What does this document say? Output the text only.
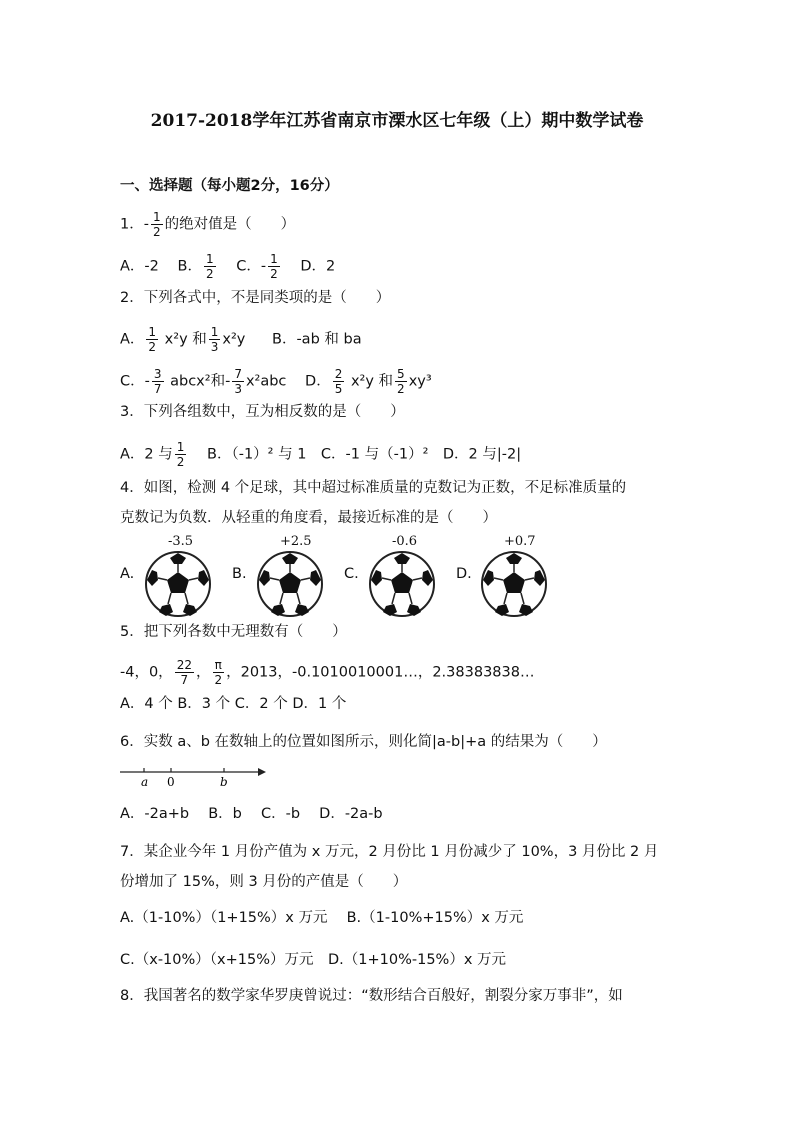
2017-2018学年江苏省南京市溧水区七年级（上）期中数学试卷
一、选择题（每小题2分，16分）
1．- $\frac{1}{2}$ 的绝对值是（　　）
A．-2 B． $\frac{1}{2}$ C．- $\frac{1}{2}$ D．2
2．下列各式中，不是同类项的是（　　）
A． $\frac{1}{2} x^2y$ 和 $\frac{1}{3} x^2y$ B．-ab 和 ba
C．- $\frac{3}{7}$ abcx²和- $\frac{7}{3} x^2abc$ D． $\frac{2}{5} x^2y$ 和 $\frac{5}{2} xy^3$
3．下列各组数中，互为相反数的是（　　）
A．2 与 $\frac{1}{2}$ B．（-1）² 与 1　C．-1 与（-1）²　D．2 与|-2|
4．如图，检测 4 个足球，其中超过标准质量的克数记为正数，不足标准质量的
克数记为负数．从轻重的角度看，最接近标准的是（　　）
A.
-3.5
B.
+2.5
C.
-0.6
D.
+0.7
5．把下列各数中无理数有（　　）
-4，0， $\frac{22}{7}$ ， $\frac{\pi}{2}$ ，2013，-0.1010010001…，2.38383838…
A．4 个 B．3 个 C．2 个 D．1 个
6．实数 a、b 在数轴上的位置如图所示，则化简|a-b|+a 的结果为（　　）
a 0	b
A．-2a+b　 B．b　 C．-b　 D．-2a-b
7．某企业今年 1 月份产值为 x 万元，2 月份比 1 月份减少了 10%，3 月份比 2 月
份增加了 15%，则 3 月份的产值是（　　）
A.（1-10%）（1+15%）x 万元　 B.（1-10%+15%）x 万元
C.（x-10%）（x+15%）万元　D.（1+10%-15%）x 万元
8．我国著名的数学家华罗庚曾说过：“数形结合百般好，割裂分家万事非”，如
